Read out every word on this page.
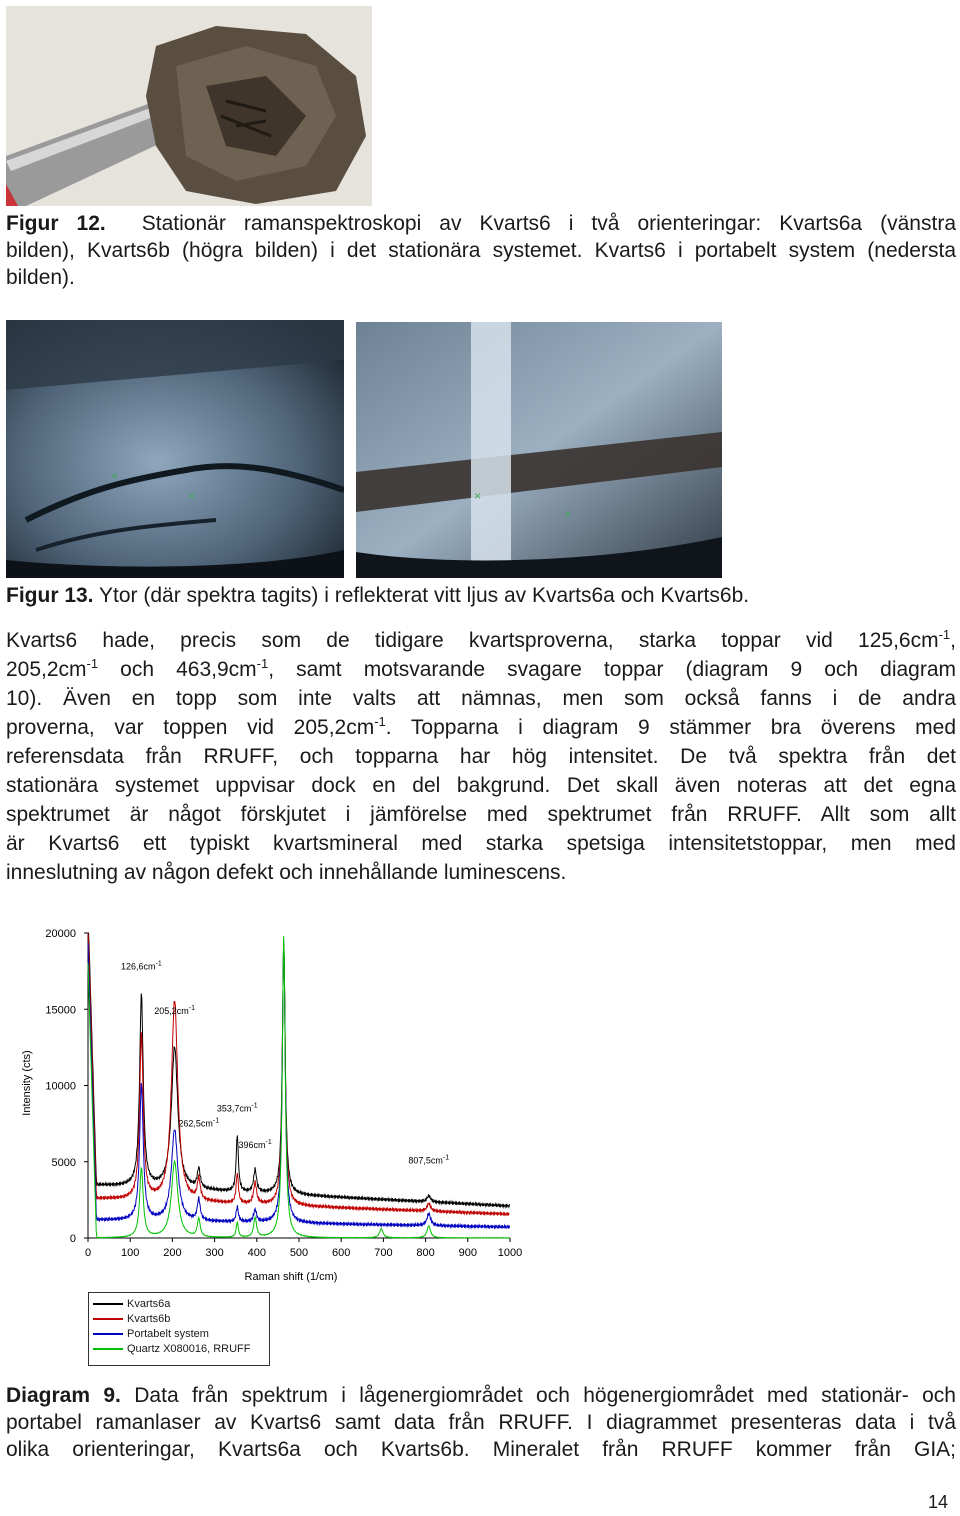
Figur 12. Stationär ramanspektroskopi av Kvarts6 i två orienteringar: Kvarts6a (vänstra
bilden), Kvarts6b (högra bilden) i det stationära systemet. Kvarts6 i portabelt system (nedersta
bilden).
×
×	×
×
Figur 13. Ytor (där spektra tagits) i reflekterat vitt ljus av Kvarts6a och Kvarts6b.
Kvarts6 hade, precis som de tidigare kvartsproverna, starka toppar vid $125,6cm^{-1}$,
$205,2cm^{-1}$ och $463,9cm^{-1}$, samt motsvarande svagare toppar (diagram 9 och diagram
10). Även en topp som inte valts att nämnas, men som också fanns i de andra
proverna, var toppen vid $205,2cm^{-1}$. Topparna i diagram 9 stämmer bra överens med
referensdata från RRUFF, och topparna har hög intensitet. De två spektra från det
stationära systemet uppvisar dock en del bakgrund. Det skall även noteras att det egna
spektrumet är något förskjutet i jämförelse med spektrumet från RRUFF. Allt som allt
är Kvarts6 ett typiskt kvartsmineral med starka spetsiga intensitetstoppar, men med
inneslutning av någon defekt och innehållande luminescens.
0	100 200 300 400 500 600 700 800 900 1000
0
5000
10000
15000
20000
$126,6cm^{-1}$
$205,2cm^{-1}$
$353,7cm^{-1}$
$262,5cm^{-1}$
$396cm^{-1}$
$807,5cm^{-1}$
Raman shift (1/cm)
Intensity (cts)
Kvarts6a
Kvarts6b
Portabelt system
Quartz X080016, RRUFF
Diagram 9. Data från spektrum i lågenergiområdet och högenergiområdet med stationär- och
portabel ramanlaser av Kvarts6 samt data från RRUFF. I diagrammet presenteras data i två
olika orienteringar, Kvarts6a och Kvarts6b. Mineralet från RRUFF kommer från GIA;
14
